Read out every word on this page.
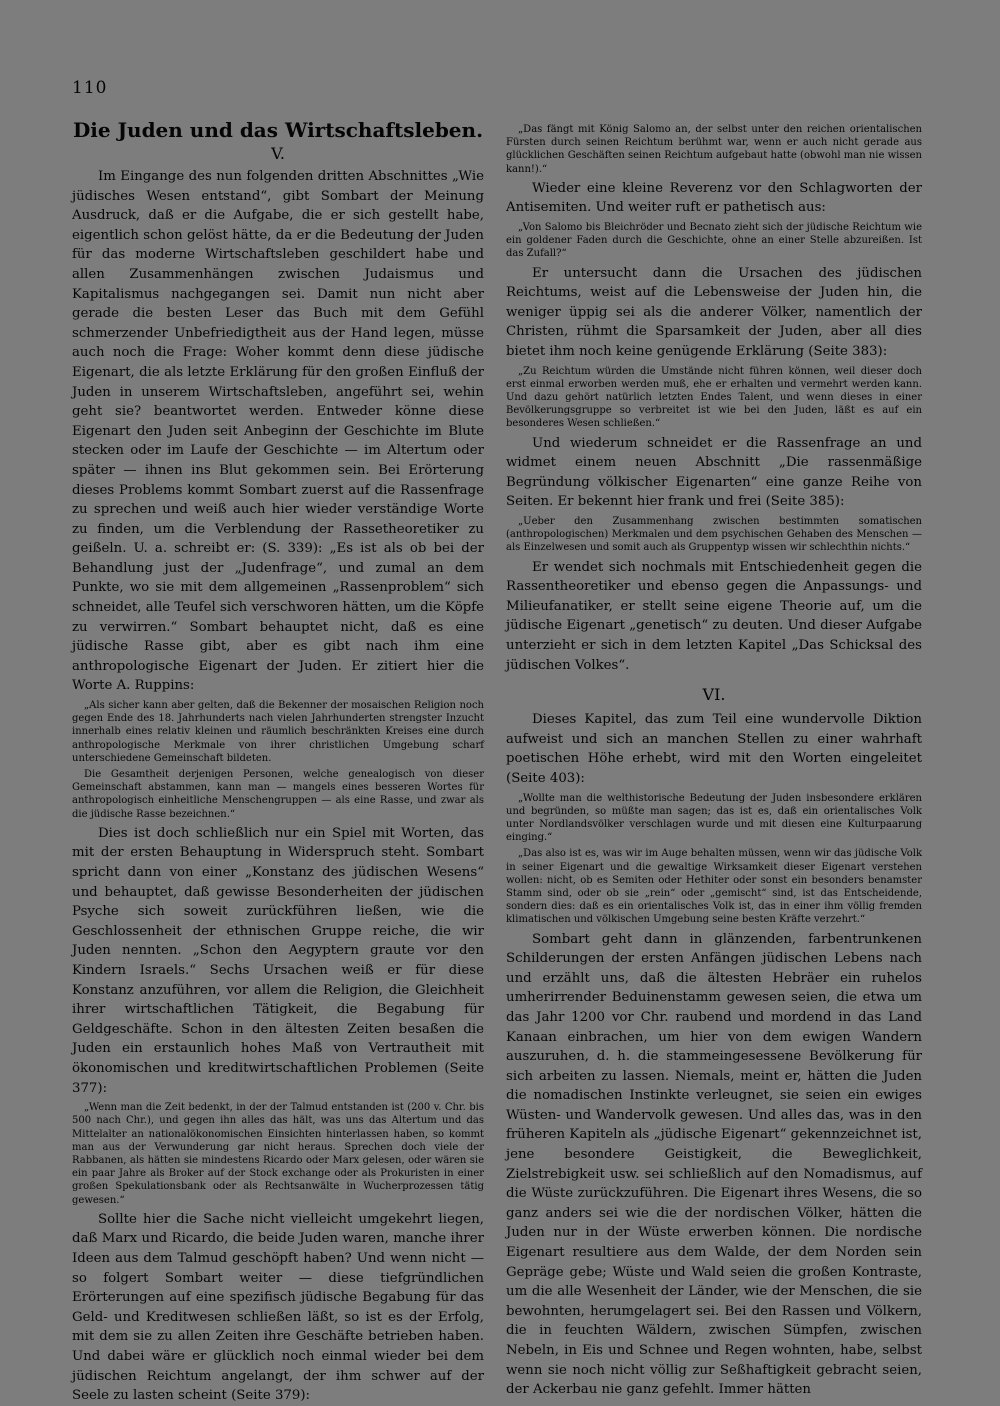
110
Die Juden und das Wirtschaftsleben.
V.

Im Eingange des nun folgenden dritten Abschnittes „Wie jüdisches Wesen entstand“, gibt Sombart der Meinung Ausdruck, daß er die Aufgabe, die er sich gestellt habe, eigentlich schon gelöst hätte, da er die Bedeutung der Juden für das moderne Wirtschaftsleben geschildert habe und allen Zusammenhängen zwischen Judaismus und Kapitalismus nachgegangen sei. Damit nun nicht aber gerade die besten Leser das Buch mit dem Gefühl schmerzender Unbefriedigtheit aus der Hand legen, müsse auch noch die Frage: Woher kommt denn diese jüdische Eigenart, die als letzte Erklärung für den großen Einfluß der Juden in unserem Wirtschaftsleben, angeführt sei, wehin geht sie? beantwortet werden. Entweder könne diese Eigenart den Juden seit Anbeginn der Geschichte im Blute stecken oder im Laufe der Geschichte — im Altertum oder später — ihnen ins Blut gekommen sein. Bei Erörterung dieses Problems kommt Sombart zuerst auf die Rassenfrage zu sprechen und weiß auch hier wieder verständige Worte zu finden, um die Verblendung der Rassetheoretiker zu geißeln. U. a. schreibt er: (S. 339): „Es ist als ob bei der Behandlung just der „Judenfrage“, und zumal an dem Punkte, wo sie mit dem allgemeinen „Rassenproblem“ sich schneidet, alle Teufel sich verschworen hätten, um die Köpfe zu verwirren.“ Sombart behauptet nicht, daß es eine jüdische Rasse gibt, aber es gibt nach ihm eine anthropologische Eigenart der Juden. Er zitiert hier die Worte A. Ruppins:

„Als sicher kann aber gelten, daß die Bekenner der mosaischen Religion noch gegen Ende des 18. Jahrhunderts nach vielen Jahrhunderten strengster Inzucht innerhalb eines relativ kleinen und räumlich beschränkten Kreises eine durch anthropologische Merkmale von ihrer christlichen Umgebung scharf unterschiedene Gemeinschaft bildeten.

Die Gesamtheit derjenigen Personen, welche genealogisch von dieser Gemeinschaft abstammen, kann man — mangels eines besseren Wortes für anthropologisch einheitliche Menschengruppen — als eine Rasse, und zwar als die jüdische Rasse bezeichnen.“

Dies ist doch schließlich nur ein Spiel mit Worten, das mit der ersten Behauptung in Widerspruch steht. Sombart spricht dann von einer „Konstanz des jüdischen Wesens“ und behauptet, daß gewisse Besonderheiten der jüdischen Psyche sich soweit zurückführen ließen, wie die Geschlossenheit der ethnischen Gruppe reiche, die wir Juden nennten. „Schon den Aegyptern graute vor den Kindern Israels.“ Sechs Ursachen weiß er für diese Konstanz anzuführen, vor allem die Religion, die Gleichheit ihrer wirtschaftlichen Tätigkeit, die Begabung für Geldgeschäfte. Schon in den ältesten Zeiten besaßen die Juden ein erstaunlich hohes Maß von Vertrautheit mit ökonomischen und kreditwirtschaftlichen Problemen (Seite 377):

„Wenn man die Zeit bedenkt, in der der Talmud entstanden ist (200 v. Chr. bis 500 nach Chr.), und gegen ihn alles das hält, was uns das Altertum und das Mittelalter an nationalökonomischen Einsichten hinterlassen haben, so kommt man aus der Verwunderung gar nicht heraus. Sprechen doch viele der Rabbanen, als hätten sie mindestens Ricardo oder Marx gelesen, oder wären sie ein paar Jahre als Broker auf der Stock exchange oder als Prokuristen in einer großen Spekulationsbank oder als Rechtsanwälte in Wucherprozessen tätig gewesen.“

Sollte hier die Sache nicht vielleicht umgekehrt liegen, daß Marx und Ricardo, die beide Juden waren, manche ihrer Ideen aus dem Talmud geschöpft haben? Und wenn nicht — so folgert Sombart weiter — diese tiefgründlichen Erörterungen auf eine spezifisch jüdische Begabung für das Geld- und Kreditwesen schließen läßt, so ist es der Erfolg, mit dem sie zu allen Zeiten ihre Geschäfte betrieben haben. Und dabei wäre er glücklich noch einmal wieder bei dem jüdischen Reichtum angelangt, der ihm schwer auf der Seele zu lasten scheint (Seite 379):

„Das fängt mit König Salomo an, der selbst unter den reichen orientalischen Fürsten durch seinen Reichtum berühmt war, wenn er auch nicht gerade aus glücklichen Geschäften seinen Reichtum aufgebaut hatte (obwohl man nie wissen kann!).“

Wieder eine kleine Reverenz vor den Schlagworten der Antisemiten. Und weiter ruft er pathetisch aus:

„Von Salomo bis Bleichröder und Becnato zieht sich der jüdische Reichtum wie ein goldener Faden durch die Geschichte, ohne an einer Stelle abzureißen. Ist das Zufall?“

Er untersucht dann die Ursachen des jüdischen Reichtums, weist auf die Lebensweise der Juden hin, die weniger üppig sei als die anderer Völker, namentlich der Christen, rühmt die Sparsamkeit der Juden, aber all dies bietet ihm noch keine genügende Erklärung (Seite 383):

„Zu Reichtum würden die Umstände nicht führen können, weil dieser doch erst einmal erworben werden muß, ehe er erhalten und vermehrt werden kann. Und dazu gehört natürlich letzten Endes Talent, und wenn dieses in einer Bevölkerungsgruppe so verbreitet ist wie bei den Juden, läßt es auf ein besonderes Wesen schließen.“

Und wiederum schneidet er die Rassenfrage an und widmet einem neuen Abschnitt „Die rassenmäßige Begründung völkischer Eigenarten“ eine ganze Reihe von Seiten. Er bekennt hier frank und frei (Seite 385):

„Ueber den Zusammenhang zwischen bestimmten somatischen (anthropologischen) Merkmalen und dem psychischen Gehaben des Menschen — als Einzelwesen und somit auch als Gruppentyp wissen wir schlechthin nichts.“

Er wendet sich nochmals mit Entschiedenheit gegen die Rassentheoretiker und ebenso gegen die Anpassungs- und Milieufanatiker, er stellt seine eigene Theorie auf, um die jüdische Eigenart „genetisch“ zu deuten. Und dieser Aufgabe unterzieht er sich in dem letzten Kapitel „Das Schicksal des jüdischen Volkes“.

VI.

Dieses Kapitel, das zum Teil eine wundervolle Diktion aufweist und sich an manchen Stellen zu einer wahrhaft poetischen Höhe erhebt, wird mit den Worten eingeleitet (Seite 403):

„Wollte man die welthistorische Bedeutung der Juden insbesondere erklären und begründen, so müßte man sagen; das ist es, daß ein orientalisches Volk unter Nordlandsvölker verschlagen wurde und mit diesen eine Kulturpaarung einging.“

„Das also ist es, was wir im Auge behalten müssen, wenn wir das jüdische Volk in seiner Eigenart und die gewaltige Wirksamkeit dieser Eigenart verstehen wollen: nicht, ob es Semiten oder Hethiter oder sonst ein besonders benamster Stamm sind, oder ob sie „rein“ oder „gemischt“ sind, ist das Entscheidende, sondern dies: daß es ein orientalisches Volk ist, das in einer ihm völlig fremden klimatischen und völkischen Umgebung seine besten Kräfte verzehrt.“

Sombart geht dann in glänzenden, farbentrunkenen Schilderungen der ersten Anfängen jüdischen Lebens nach und erzählt uns, daß die ältesten Hebräer ein ruhelos umherirrender Beduinenstamm gewesen seien, die etwa um das Jahr 1200 vor Chr. raubend und mordend in das Land Kanaan einbrachen, um hier von dem ewigen Wandern auszuruhen, d. h. die stammeingesessene Bevölkerung für sich arbeiten zu lassen. Niemals, meint er, hätten die Juden die nomadischen Instinkte verleugnet, sie seien ein ewiges Wüsten- und Wandervolk gewesen. Und alles das, was in den früheren Kapiteln als „jüdische Eigenart“ gekennzeichnet ist, jene besondere Geistigkeit, die Beweglichkeit, Zielstrebigkeit usw. sei schließlich auf den Nomadismus, auf die Wüste zurückzuführen. Die Eigenart ihres Wesens, die so ganz anders sei wie die der nordischen Völker, hätten die Juden nur in der Wüste erwerben können. Die nordische Eigenart resultiere aus dem Walde, der dem Norden sein Gepräge gebe; Wüste und Wald seien die großen Kontraste, um die alle Wesenheit der Länder, wie der Menschen, die sie bewohnten, herumgelagert sei. Bei den Rassen und Völkern, die in feuchten Wäldern, zwischen Sümpfen, zwischen Nebeln, in Eis und Schnee und Regen wohnten, habe, selbst wenn sie noch nicht völlig zur Seßhaftigkeit gebracht seien, der Ackerbau nie ganz gefehlt. Immer hätten
